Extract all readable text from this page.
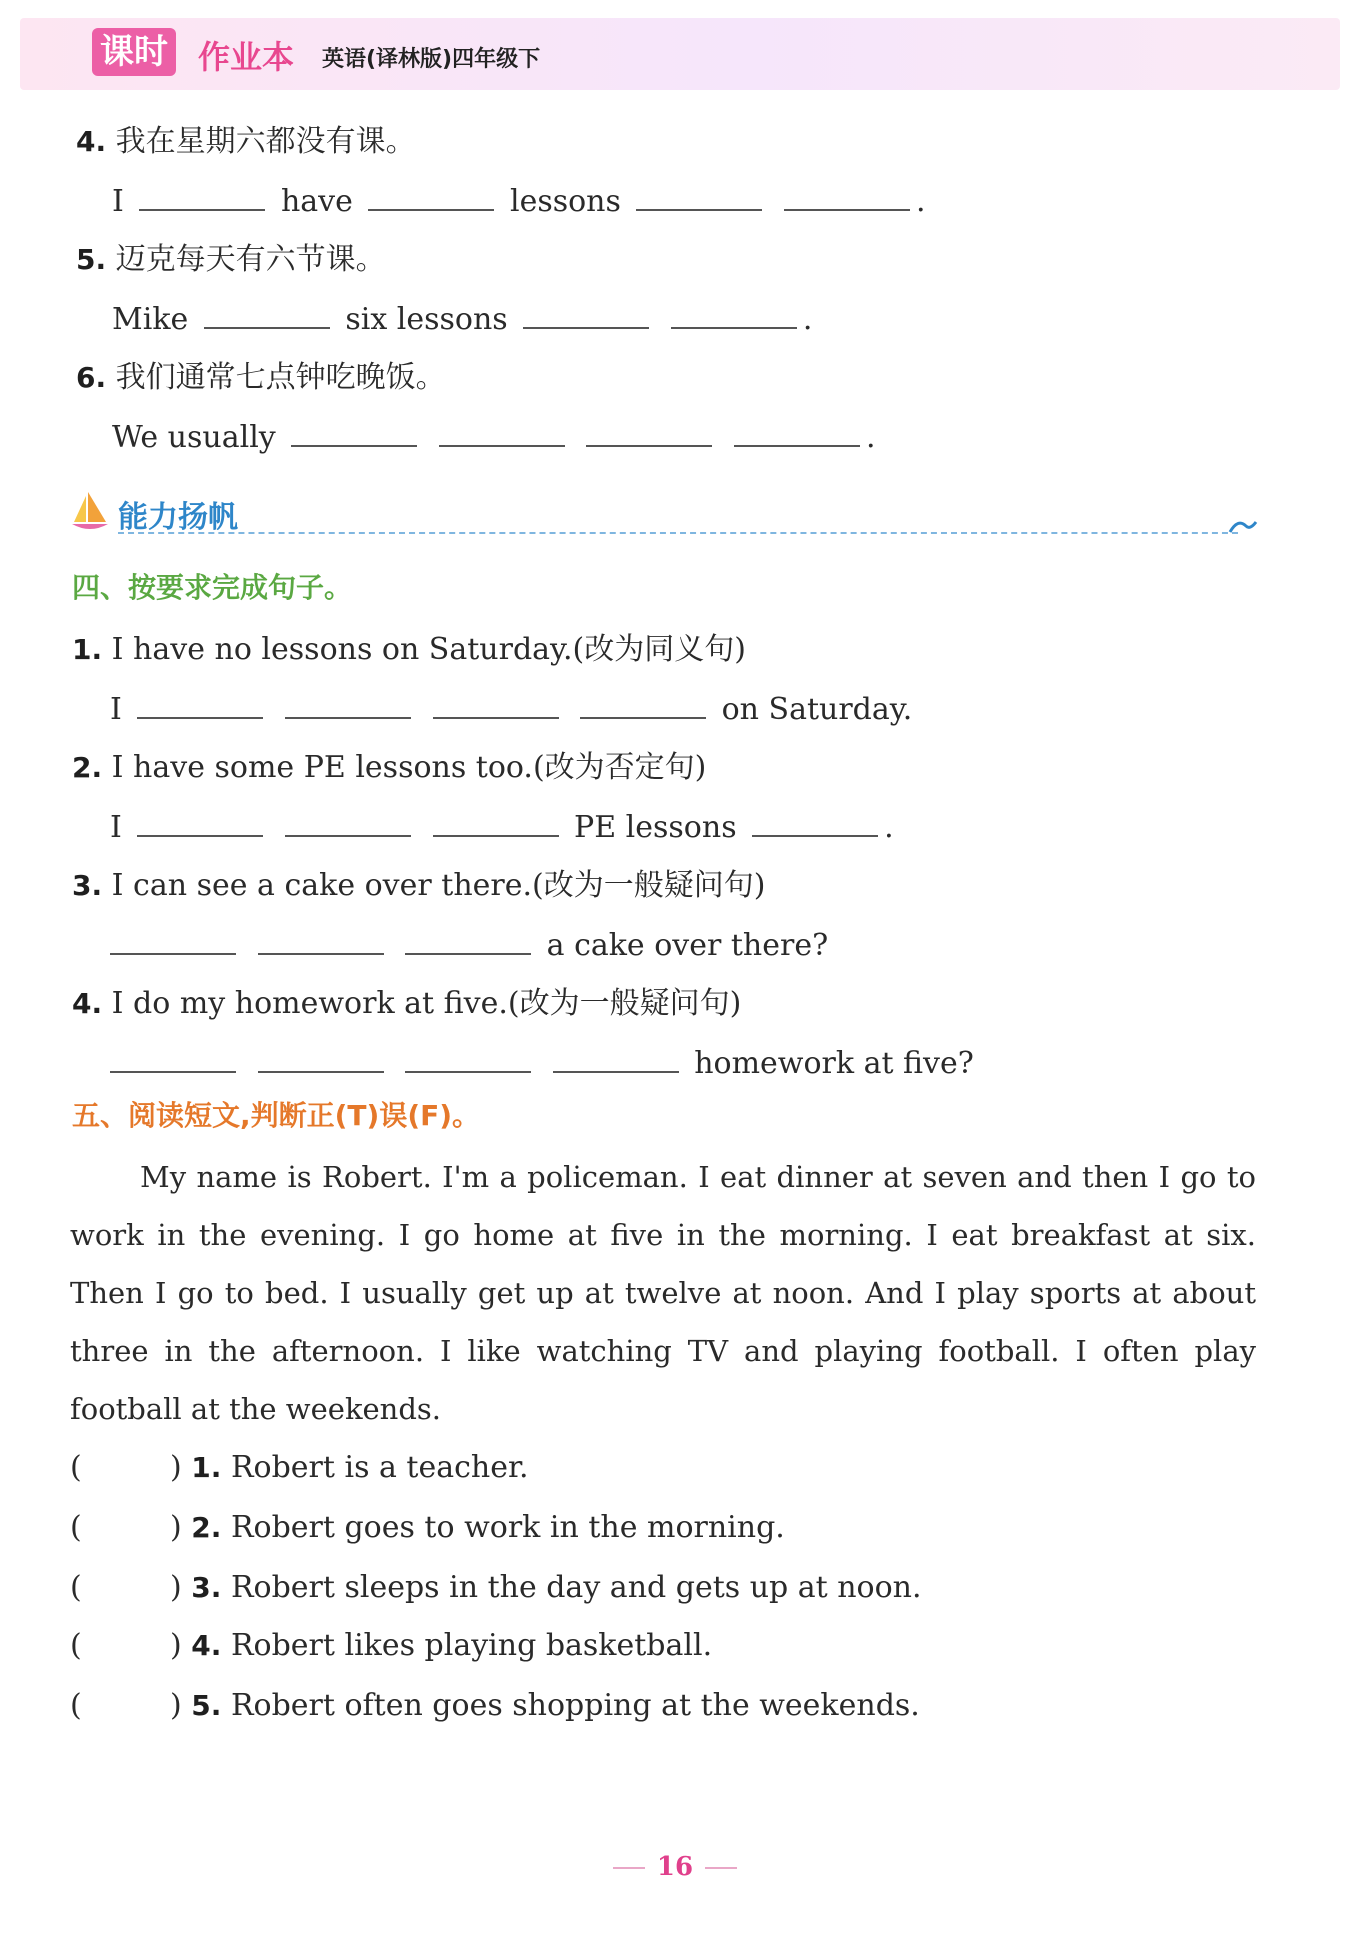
课时 作业本 英语(译林版)四年级下
4. 我在星期六都没有课。
I	have	lessons	.
5. 迈克每天有六节课。
Mike	six lessons	.
6. 我们通常七点钟吃晚饭。
We usually	.
能力扬帆
四、按要求完成句子。
1. I have no lessons on Saturday.(改为同义句)
I	on Saturday.
2. I have some PE lessons too.(改为否定句)
I	PE lessons	.
3. I can see a cake over there.(改为一般疑问句)
a cake over there?
4. I do my homework at five.(改为一般疑问句)
homework at five?
五、阅读短文,判断正(T)误(F)。
My name is Robert. I'm a policeman. I eat dinner at seven and then I go to work in the evening. I go home at five in the morning. I eat breakfast at six. Then I go to bed. I usually get up at twelve at noon. And I play sports at about three in the afternoon. I like watching TV and playing football. I often play football at the weekends.
(	) 1. Robert is a teacher.
(	) 2. Robert goes to work in the morning.
(	) 3. Robert sleeps in the day and gets up at noon.
(	) 4. Robert likes playing basketball.
(	) 5. Robert often goes shopping at the weekends.
16
